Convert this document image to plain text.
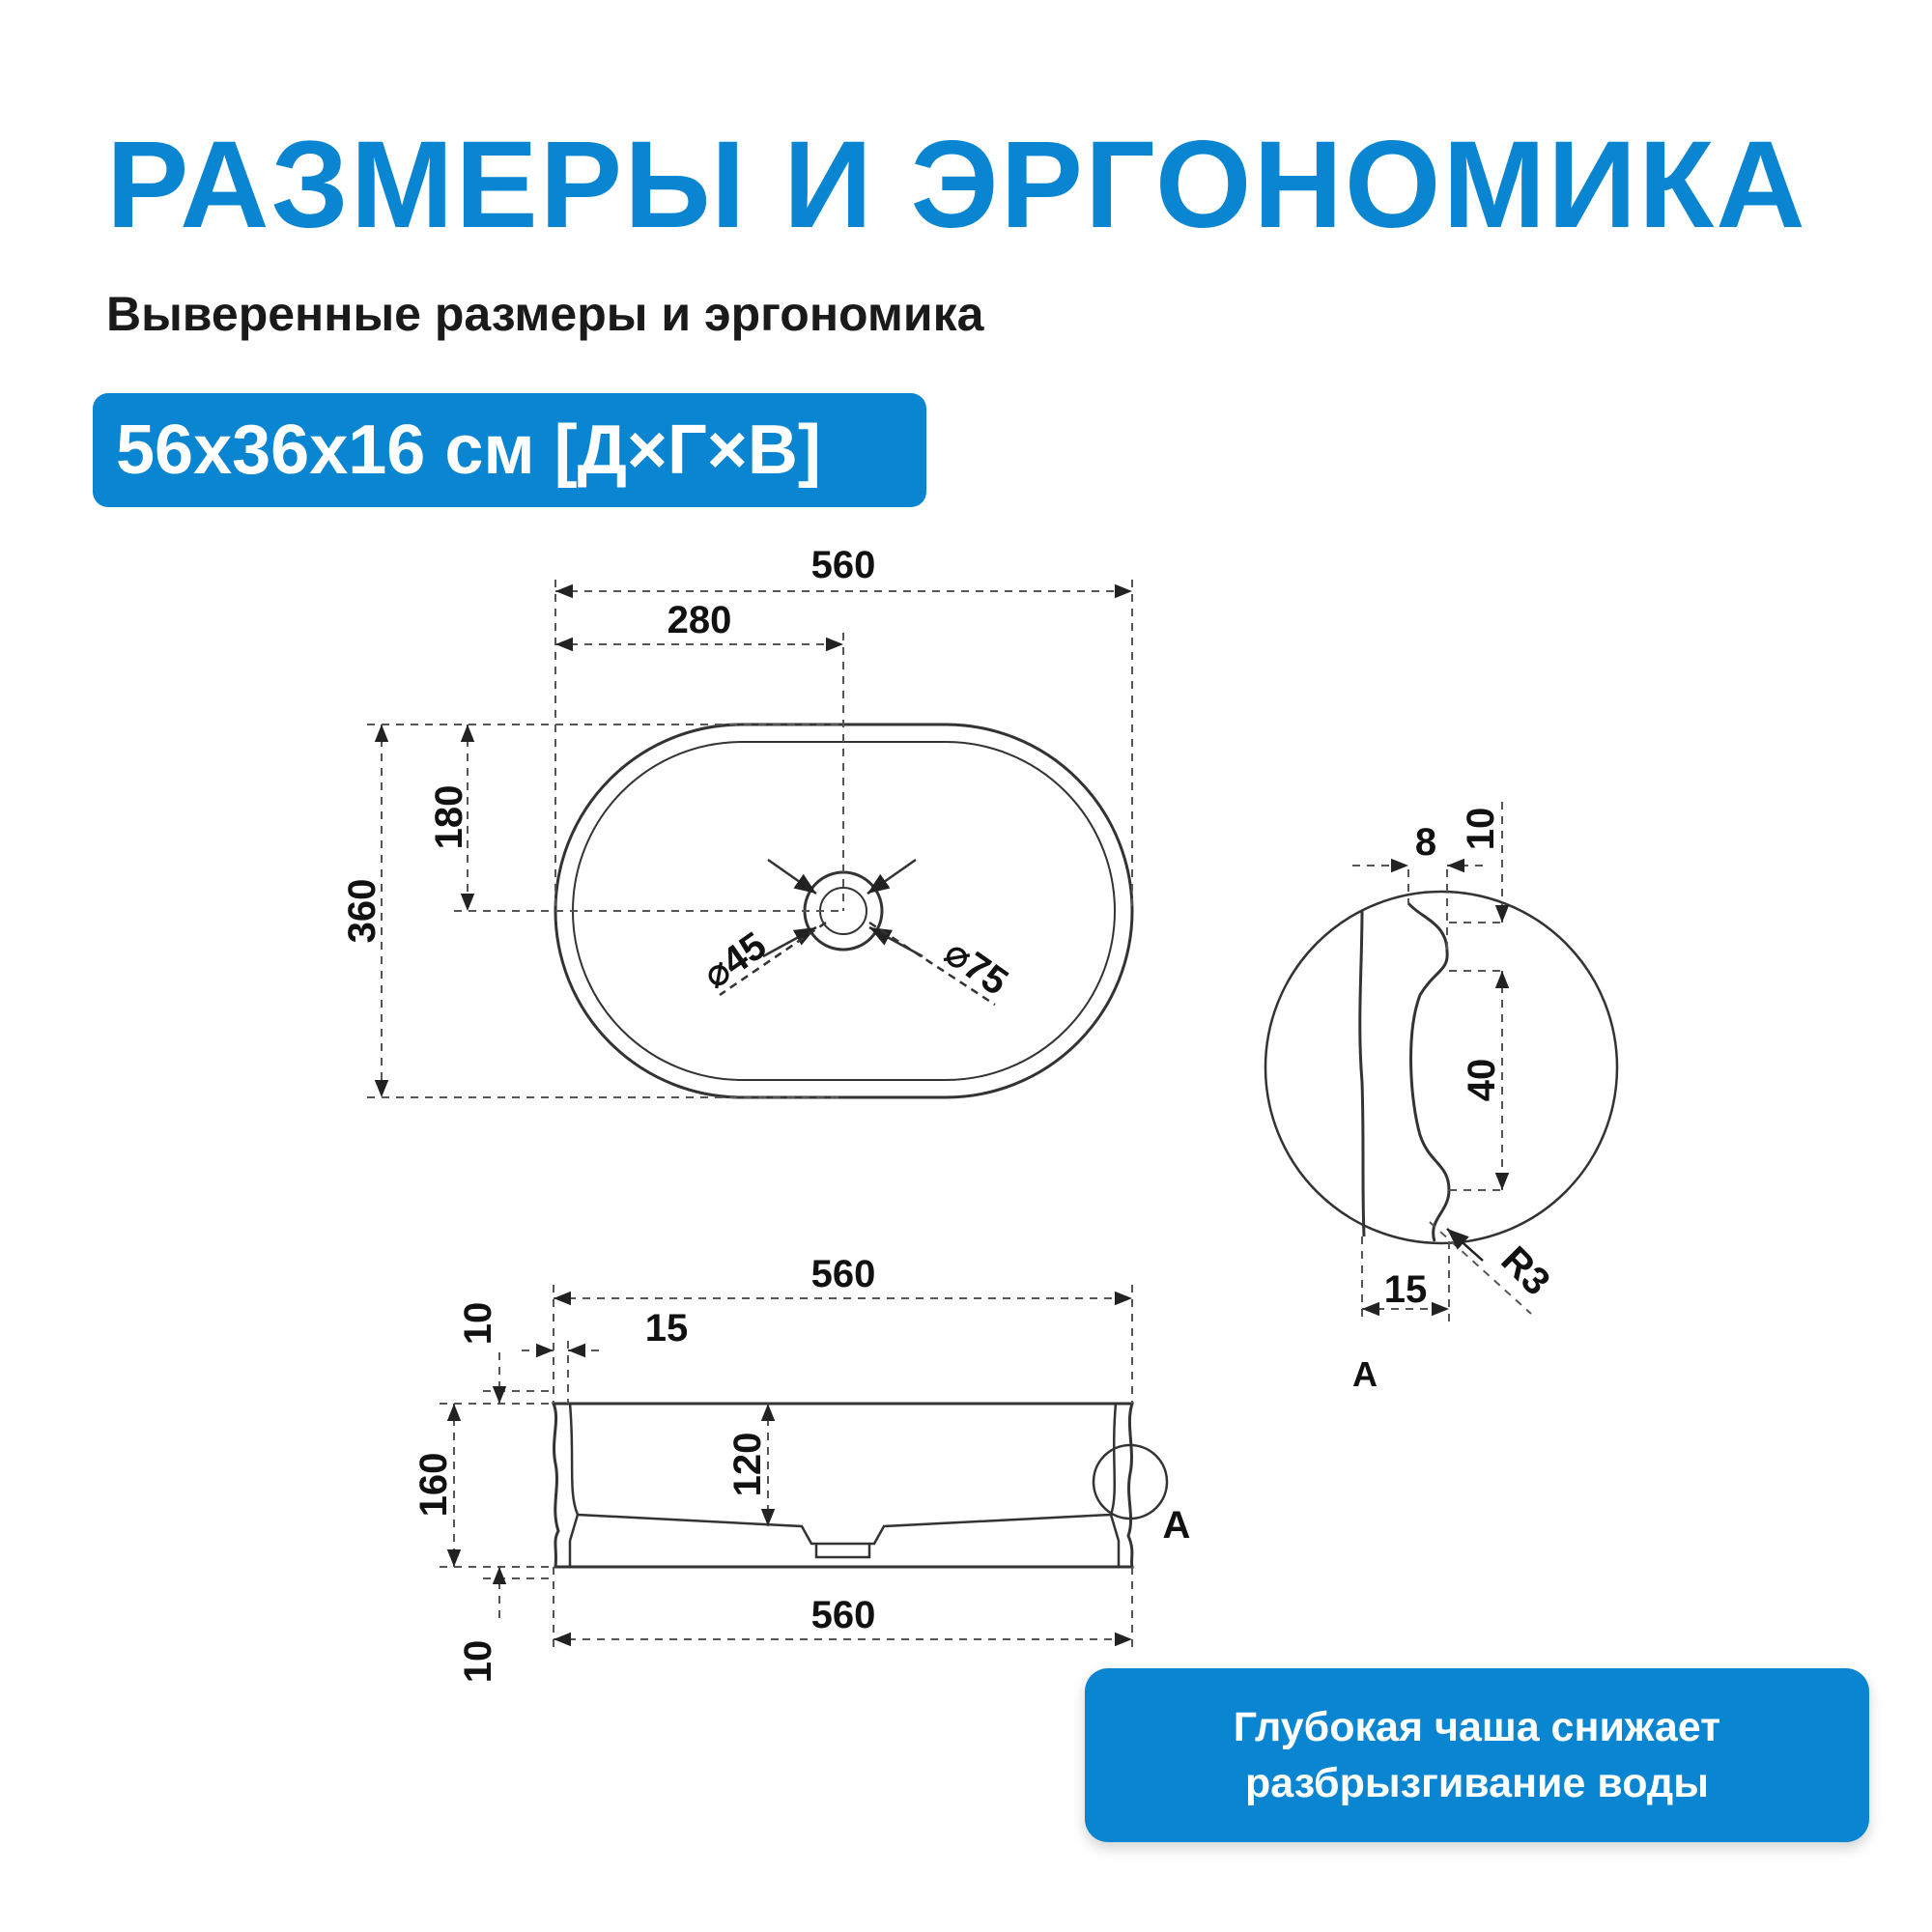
РАЗМЕРЫ И ЭРГОНОМИКА
Выверенные размеры и эргономика
56x36x16 см [Д×Г×В]
560
280
360
180
⌀45	⌀75
560
560
15
160	120
10
10
A
8 10
40
15 R3
A
Глубокая чаша снижает
разбрызгивание воды
